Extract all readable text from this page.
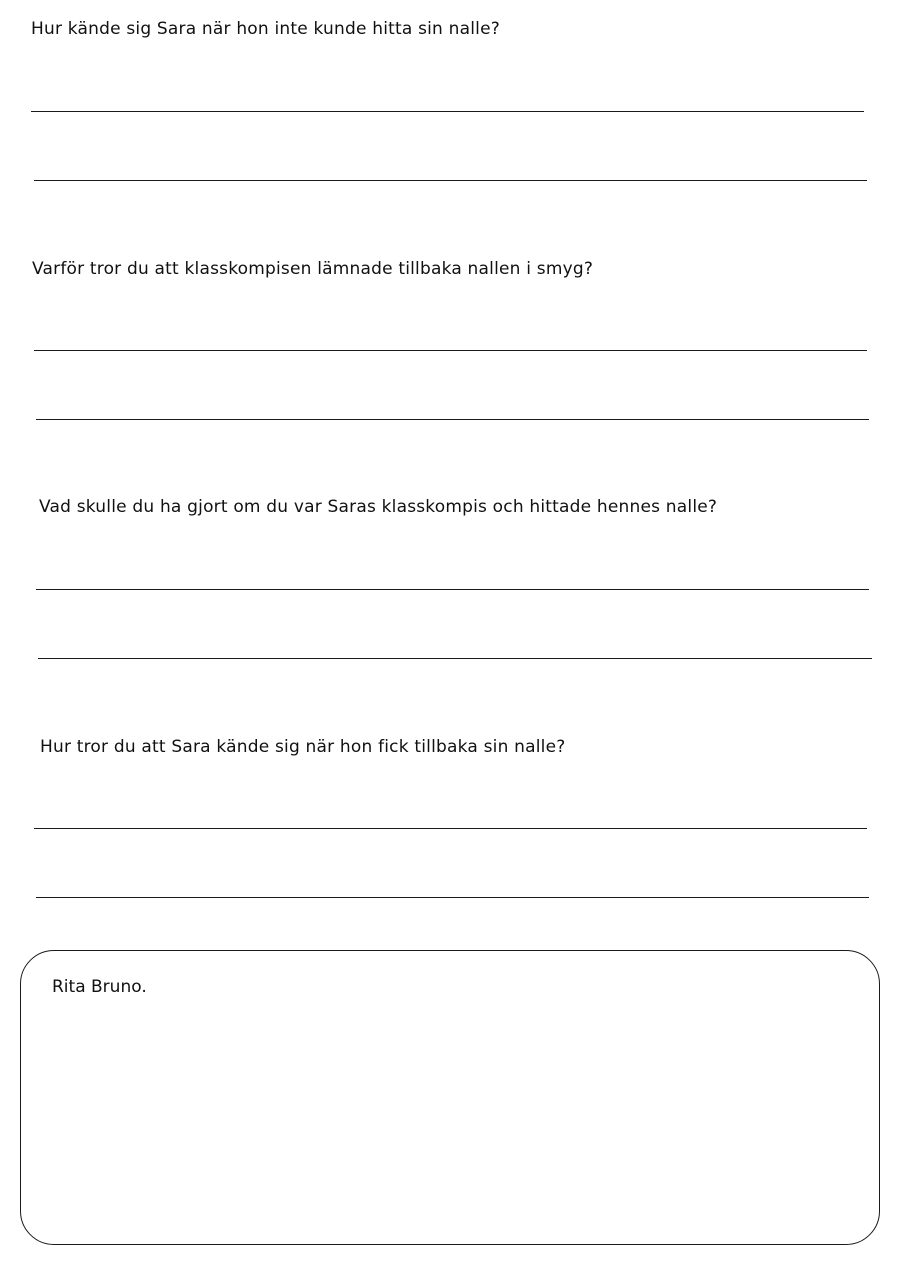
Hur kände sig Sara när hon inte kunde hitta sin nalle?
Varför tror du att klasskompisen lämnade tillbaka nallen i smyg?
Vad skulle du ha gjort om du var Saras klasskompis och hittade hennes nalle?
Hur tror du att Sara kände sig när hon fick tillbaka sin nalle?
Rita Bruno.
